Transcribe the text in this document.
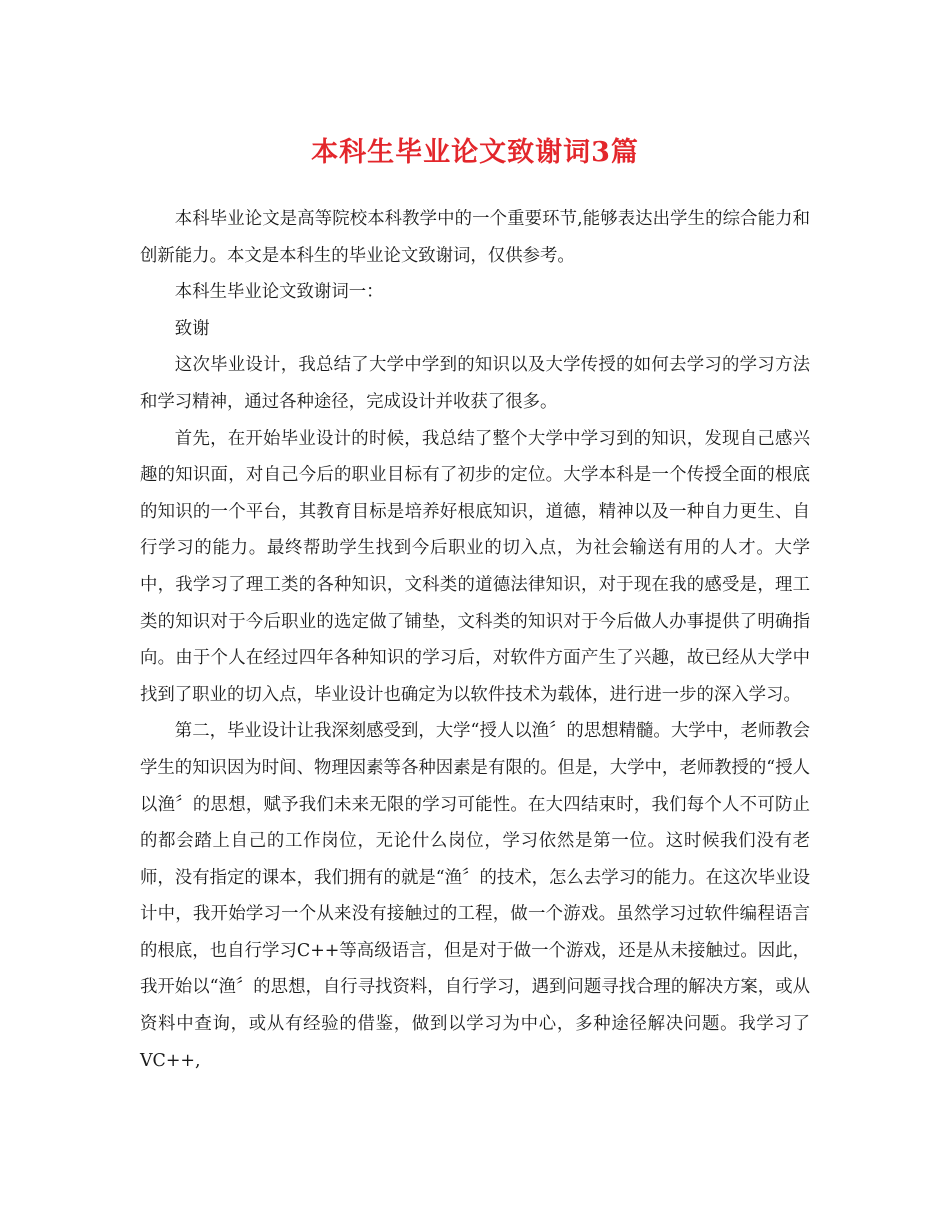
本科生毕业论文致谢词3篇

本科毕业论文是高等院校本科教学中的一个重要环节,能够表达出学生的综合能力和创新能力。本文是本科生的毕业论文致谢词，仅供参考。

本科生毕业论文致谢词一：

致谢

这次毕业设计，我总结了大学中学到的知识以及大学传授的如何去学习的学习方法和学习精神，通过各种途径，完成设计并收获了很多。

首先，在开始毕业设计的时候，我总结了整个大学中学习到的知识，发现自己感兴趣的知识面，对自己今后的职业目标有了初步的定位。大学本科是一个传授全面的根底的知识的一个平台，其教育目标是培养好根底知识，道德，精神以及一种自力更生、自行学习的能力。最终帮助学生找到今后职业的切入点，为社会输送有用的人才。大学中，我学习了理工类的各种知识，文科类的道德法律知识，对于现在我的感受是，理工类的知识对于今后职业的选定做了铺垫，文科类的知识对于今后做人办事提供了明确指向。由于个人在经过四年各种知识的学习后，对软件方面产生了兴趣，故已经从大学中找到了职业的切入点，毕业设计也确定为以软件技术为载体，进行进一步的深入学习。

第二，毕业设计让我深刻感受到，大学“授人以渔〞的思想精髓。大学中，老师教会学生的知识因为时间、物理因素等各种因素是有限的。但是，大学中，老师教授的“授人以渔〞的思想，赋予我们未来无限的学习可能性。在大四结束时，我们每个人不可防止的都会踏上自己的工作岗位，无论什么岗位，学习依然是第一位。这时候我们没有老师，没有指定的课本，我们拥有的就是“渔〞的技术，怎么去学习的能力。在这次毕业设计中，我开始学习一个从来没有接触过的工程，做一个游戏。虽然学习过软件编程语言的根底，也自行学习C++等高级语言，但是对于做一个游戏，还是从未接触过。因此，我开始以“渔〞的思想，自行寻找资料，自行学习，遇到问题寻找合理的解决方案，或从资料中查询，或从有经验的借鉴，做到以学习为中心，多种途径解决问题。我学习了VC++,
